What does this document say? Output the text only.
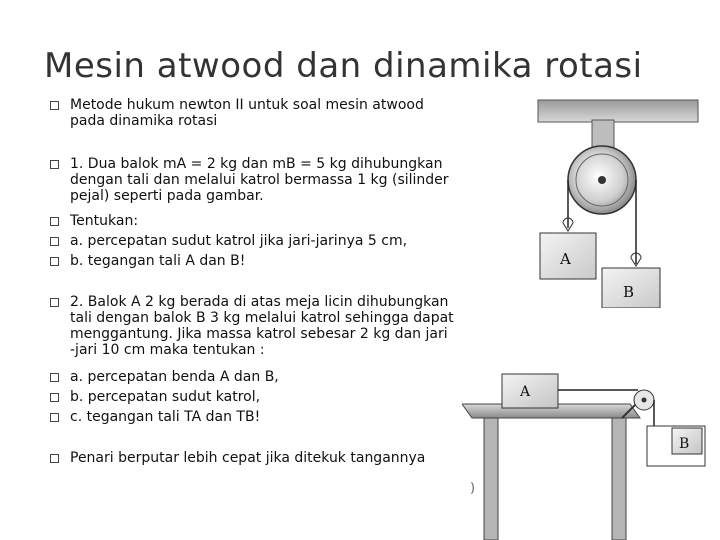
Mesin atwood dan dinamika rotasi
Metode hukum newton II untuk soal mesin atwood pada dinamika rotasi
1. Dua balok mA = 2 kg dan mB = 5 kg dihubungkan dengan tali dan melalui katrol bermassa 1 kg (silinder pejal) seperti pada gambar.
Tentukan:
a. percepatan sudut katrol jika jari-jarinya 5 cm,
b. tegangan tali A dan B!
2. Balok A 2 kg berada di atas meja licin dihubungkan tali dengan balok B 3 kg melalui katrol sehingga dapat menggantung. Jika massa katrol sebesar 2 kg dan jari -jari 10 cm maka tentukan :
a. percepatan benda A dan B,
b. percepatan sudut katrol,
c. tegangan tali TA dan TB!
Penari berputar lebih cepat jika ditekuk tangannya
A
B
A
B
)
